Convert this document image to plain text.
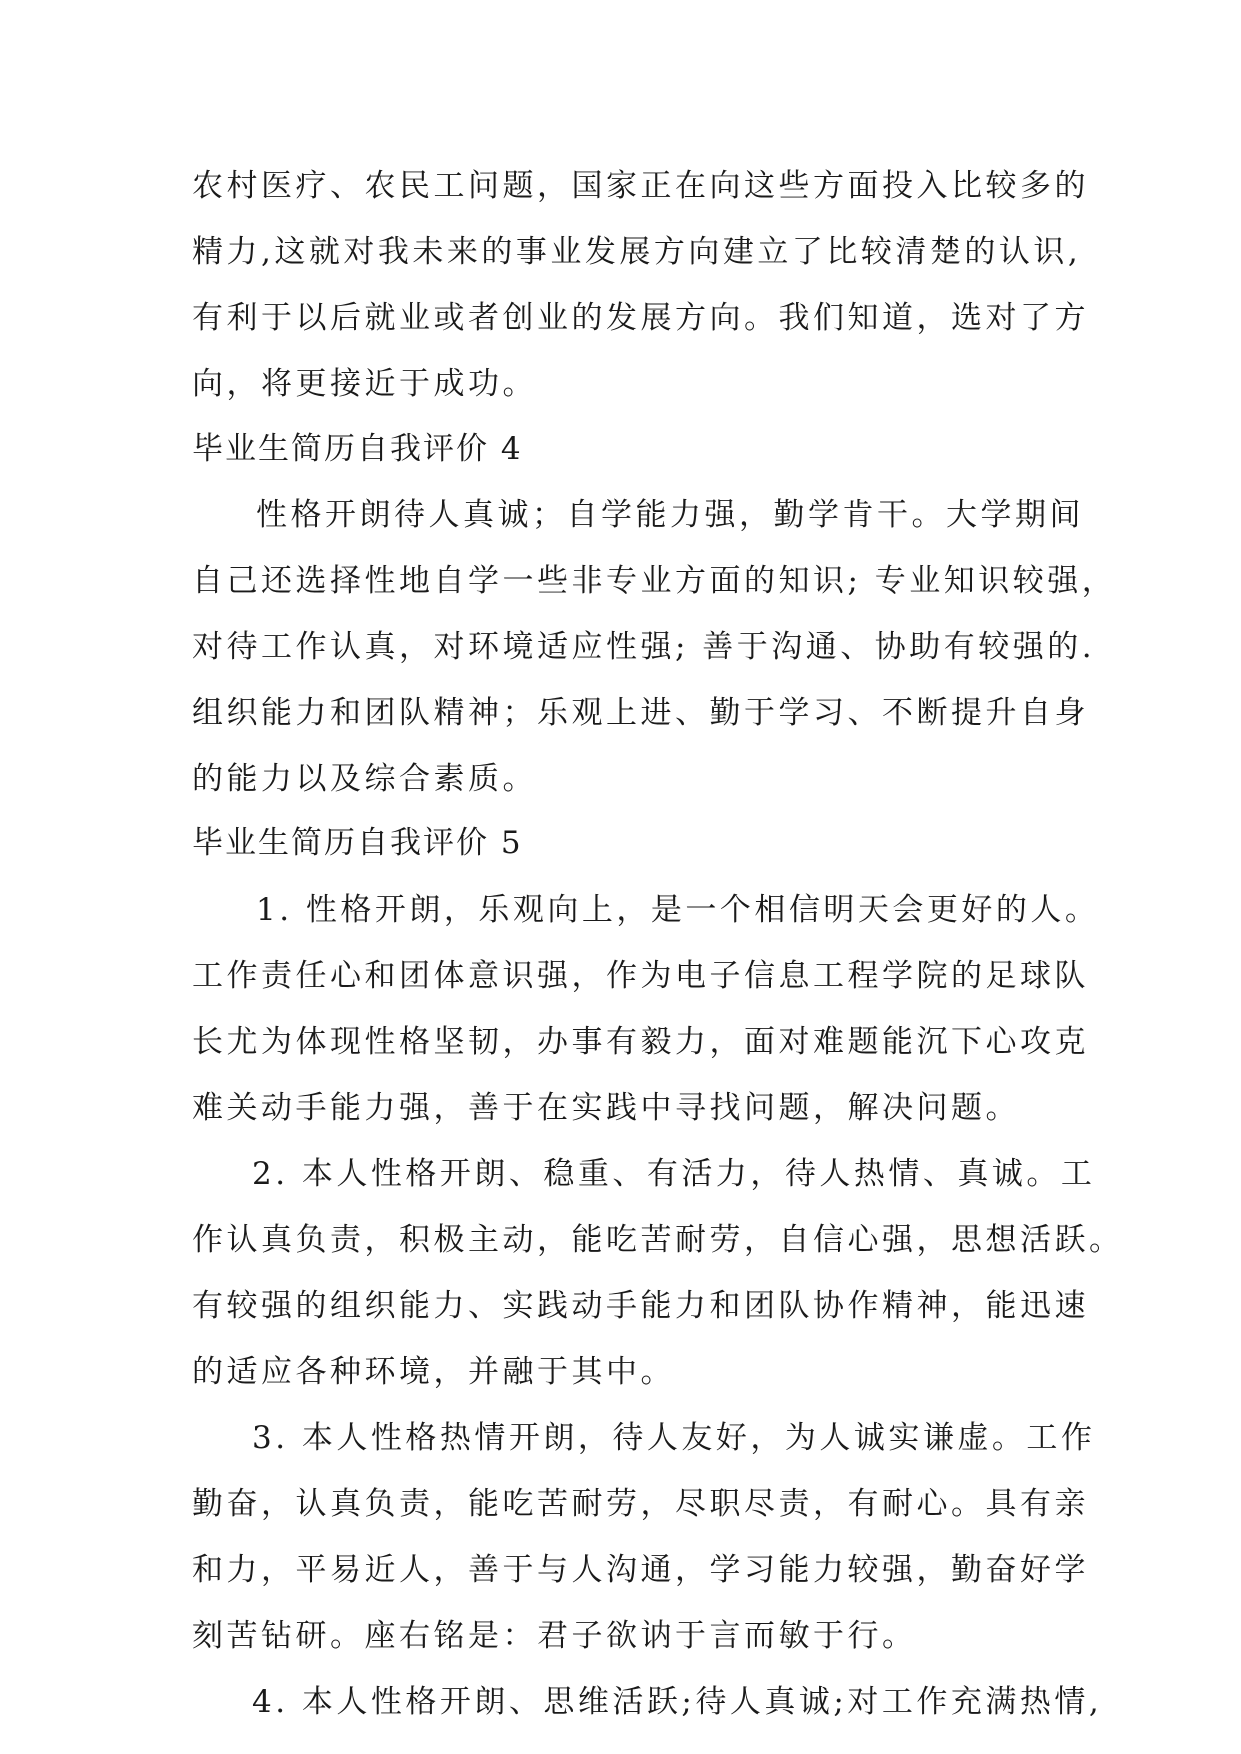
农村医疗、农民工问题，国家正在向这些方面投入比较多的
精力,这就对我未来的事业发展方向建立了比较清楚的认识,
有利于以后就业或者创业的发展方向。我们知道，选对了方
向，将更接近于成功。
毕业生简历自我评价 4
性格开朗待人真诚；自学能力强，勤学肯干。大学期间
自己还选择性地自学一些非专业方面的知识; 专业知识较强，
对待工作认真，对环境适应性强; 善于沟通、协助有较强的.
组织能力和团队精神；乐观上进、勤于学习、不断提升自身
的能力以及综合素质。
毕业生简历自我评价 5
1. 性格开朗，乐观向上，是一个相信明天会更好的人。
工作责任心和团体意识强，作为电子信息工程学院的足球队
长尤为体现性格坚韧，办事有毅力，面对难题能沉下心攻克
难关动手能力强，善于在实践中寻找问题，解决问题。
2. 本人性格开朗、稳重、有活力，待人热情、真诚。工
作认真负责，积极主动，能吃苦耐劳，自信心强，思想活跃。
有较强的组织能力、实践动手能力和团队协作精神，能迅速
的适应各种环境，并融于其中。
3. 本人性格热情开朗，待人友好，为人诚实谦虚。工作
勤奋，认真负责，能吃苦耐劳，尽职尽责，有耐心。具有亲
和力，平易近人，善于与人沟通，学习能力较强，勤奋好学
刻苦钻研。座右铭是：君子欲讷于言而敏于行。
4. 本人性格开朗、思维活跃;待人真诚;对工作充满热情,
